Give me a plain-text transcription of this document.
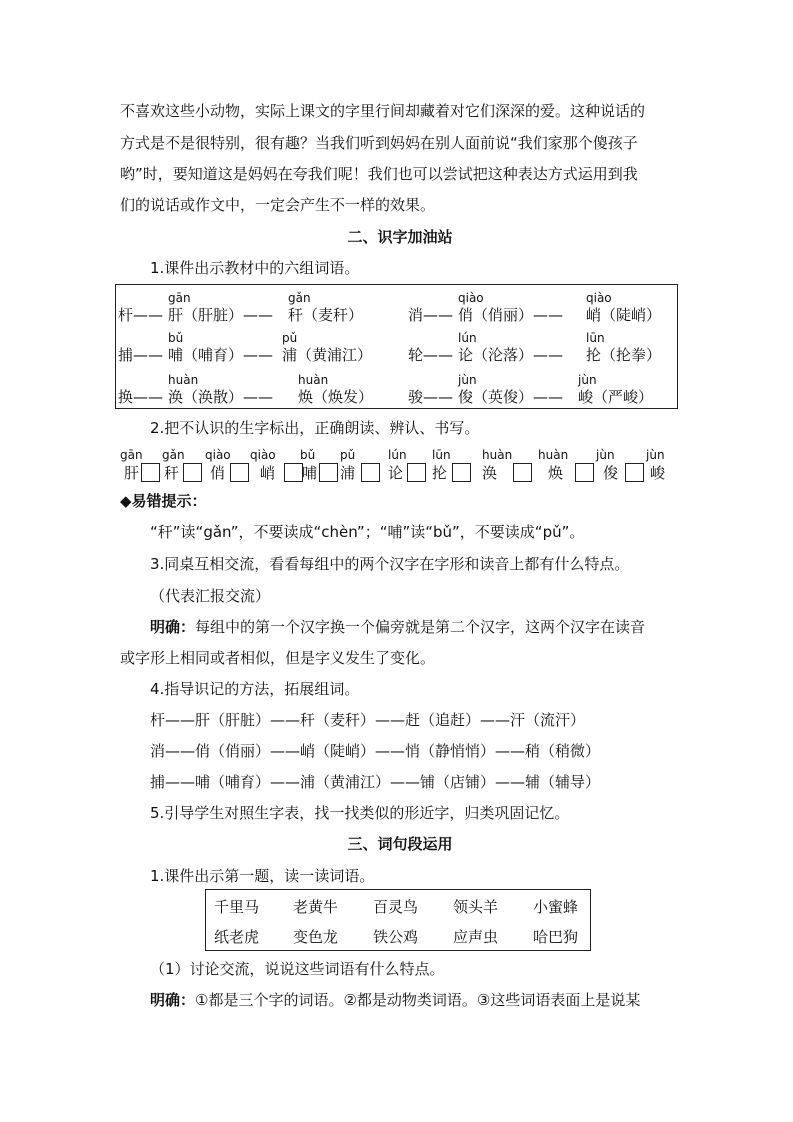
不喜欢这些小动物，实际上课文的字里行间却藏着对它们深深的爱。这种说话的
方式是不是很特别，很有趣？当我们听到妈妈在别人面前说“我们家那个傻孩子
哟”时，要知道这是妈妈在夸我们呢！我们也可以尝试把这种表达方式运用到我
们的说话或作文中，一定会产生不一样的效果。
二、识字加油站
1.课件出示教材中的六组词语。
gān	gǎn	qiào	qiào
杆—— 肝（肝脏）—— 秆（麦秆）	消—— 俏（俏丽）—— 峭（陡峭）
bǔ	pǔ	lún	lūn
捕—— 哺（哺育）—— 浦（黄浦江） 轮—— 论（沦落）—— 抡（抡拳）
huàn	huàn	jùn	jùn
换—— 涣（涣散）—— 焕（焕发） 骏—— 俊（英俊）—— 峻（严峻）
2.把不认识的生字标出，正确朗读、辨认、书写。
gān gǎn qiào qiào bǔ pǔ	lún lūn	huàn huàn jùn	jùn
肝 秆 俏 峭 哺 浦 论 抡 涣	焕	俊 峻
◆易错提示：
“秆”读“gǎn”，不要读成“chèn”；“哺”读“bǔ”，不要读成“pǔ”。
3.同桌互相交流，看看每组中的两个汉字在字形和读音上都有什么特点。
（代表汇报交流）
明确：每组中的第一个汉字换一个偏旁就是第二个汉字，这两个汉字在读音
或字形上相同或者相似，但是字义发生了变化。
4.指导识记的方法，拓展组词。
杆——肝（肝脏）——秆（麦秆）——赶（追赶）——汗（流汗）
消——俏（俏丽）——峭（陡峭）——悄（静悄悄）——稍（稍微）
捕——哺（哺育）——浦（黄浦江）——铺（店铺）——辅（辅导）
5.引导学生对照生字表，找一找类似的形近字，归类巩固记忆。
三、词句段运用
1.课件出示第一题，读一读词语。
千里马 老黄牛 百灵鸟 领头羊 小蜜蜂
纸老虎 变色龙 铁公鸡 应声虫 哈巴狗
（1）讨论交流，说说这些词语有什么特点。
明确：①都是三个字的词语。②都是动物类词语。③这些词语表面上是说某
